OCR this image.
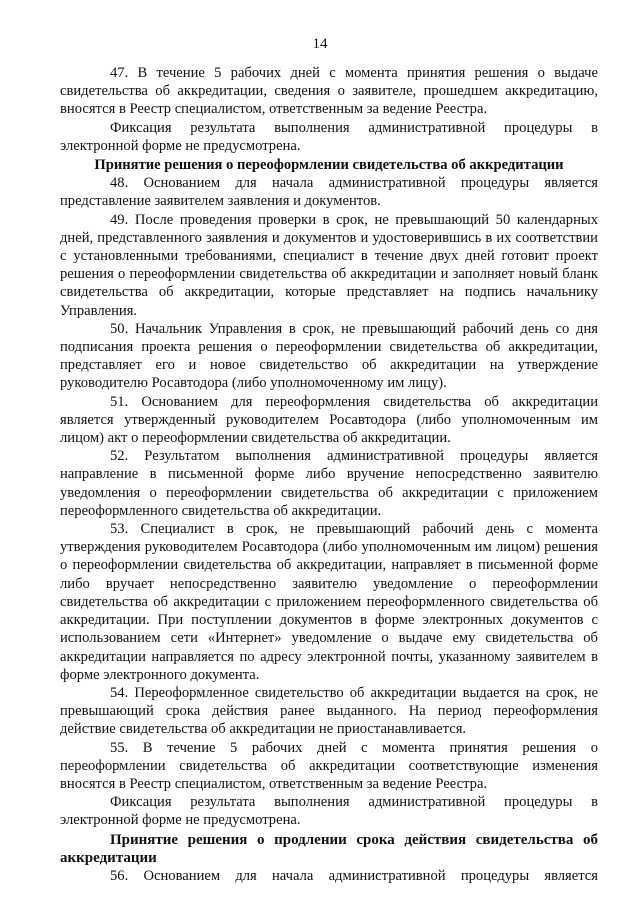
14

47. В течение 5 рабочих дней с момента принятия решения о выдаче свидетельства об аккредитации, сведения о заявителе, прошедшем аккредитацию, вносятся в Реестр специалистом, ответственным за ведение Реестра.

Фиксация результата выполнения административной процедуры в электронной форме не предусмотрена.

Принятие решения о переоформлении свидетельства об аккредитации

48. Основанием для начала административной процедуры является представление заявителем заявления и документов.

49. После проведения проверки в срок, не превышающий 50 календарных дней, представленного заявления и документов и удостоверившись в их соответствии с установленными требованиями, специалист в течение двух дней готовит проект решения о переоформлении свидетельства об аккредитации и заполняет новый бланк свидетельства об аккредитации, которые представляет на подпись начальнику Управления.

50. Начальник Управления в срок, не превышающий рабочий день со дня подписания проекта решения о переоформлении свидетельства об аккредитации, представляет его и новое свидетельство об аккредитации на утверждение руководителю Росавтодора (либо уполномоченному им лицу).

51. Основанием для переоформления свидетельства об аккредитации является утвержденный руководителем Росавтодора (либо уполномоченным им лицом) акт о переоформлении свидетельства об аккредитации.

52. Результатом выполнения административной процедуры является направление в письменной форме либо вручение непосредственно заявителю уведомления о переоформлении свидетельства об аккредитации с приложением переоформленного свидетельства об аккредитации.

53. Специалист в срок, не превышающий рабочий день с момента утверждения руководителем Росавтодора (либо уполномоченным им лицом) решения о переоформлении свидетельства об аккредитации, направляет в письменной форме либо вручает непосредственно заявителю уведомление о переоформлении свидетельства об аккредитации с приложением переоформленного свидетельства об аккредитации. При поступлении документов в форме электронных документов с использованием сети «Интернет» уведомление о выдаче ему свидетельства об аккредитации направляется по адресу электронной почты, указанному заявителем в форме электронного документа.

54. Переоформленное свидетельство об аккредитации выдается на срок, не превышающий срока действия ранее выданного. На период переоформления действие свидетельства об аккредитации не приостанавливается.

55. В течение 5 рабочих дней с момента принятия решения о переоформлении свидетельства об аккредитации соответствующие изменения вносятся в Реестр специалистом, ответственным за ведение Реестра.

Фиксация результата выполнения административной процедуры в электронной форме не предусмотрена.

Принятие решения о продлении срока действия свидетельства об аккредитации

56. Основанием для начала административной процедуры является
